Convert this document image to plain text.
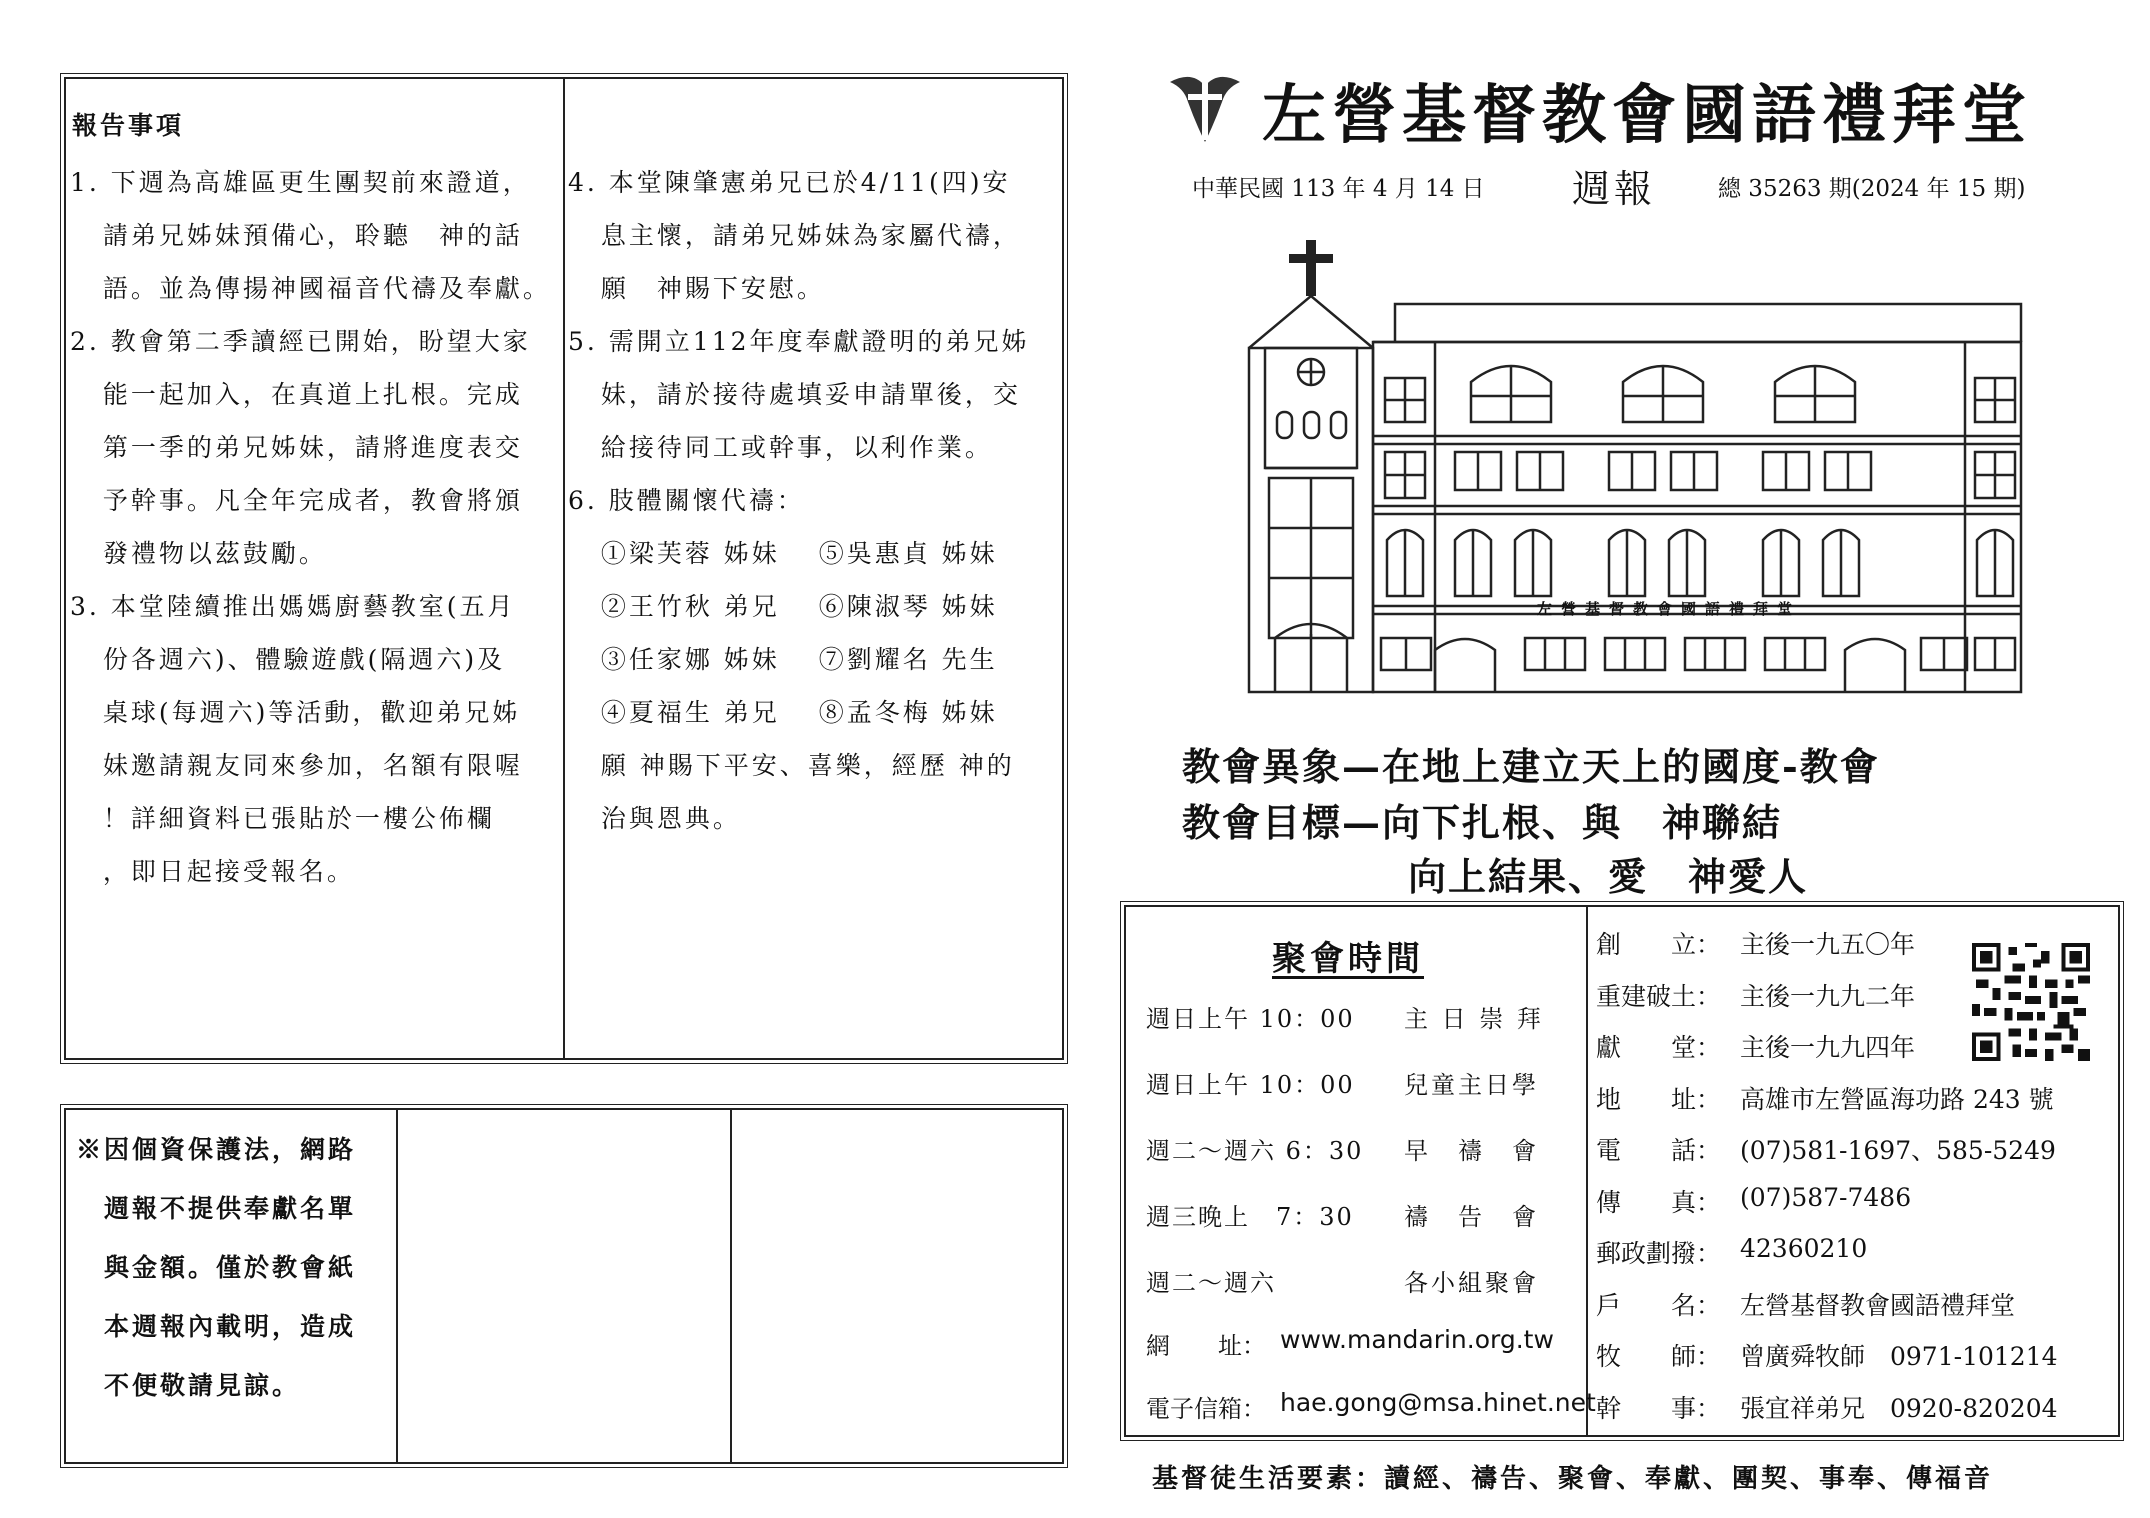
報告事項
1. 下週為高雄區更生團契前來證道，
請弟兄姊妹預備心，聆聽　神的話
語。並為傳揚神國福音代禱及奉獻。
2. 教會第二季讀經已開始，盼望大家
能一起加入，在真道上扎根。完成
第一季的弟兄姊妹，請將進度表交
予幹事。凡全年完成者，教會將頒
發禮物以茲鼓勵。
3. 本堂陸續推出媽媽廚藝教室(五月
份各週六)、體驗遊戲(隔週六)及
桌球(每週六)等活動，歡迎弟兄姊
妹邀請親友同來參加，名額有限喔
！詳細資料已張貼於一樓公佈欄
，即日起接受報名。
4. 本堂陳肇憲弟兄已於4/11(四)安
息主懷，請弟兄姊妹為家屬代禱，
願　神賜下安慰。
5. 需開立112年度奉獻證明的弟兄姊
妹，請於接待處填妥申請單後，交
給接待同工或幹事，以利作業。
6. 肢體關懷代禱：
①梁芙蓉 姊妹　 ⑤吳惠貞 姊妹
②王竹秋 弟兄　 ⑥陳淑琴 姊妹
③任家娜 姊妹　 ⑦劉耀名 先生
④夏福生 弟兄　 ⑧孟冬梅 姊妹
願 神賜下平安、喜樂，經歷 神的
治與恩典。
※因個資保護法，網路
週報不提供奉獻名單
與金額。僅於教會紙
本週報內載明，造成
不便敬請見諒。
左營基督教會國語禮拜堂
中華民國 113 年 4 月 14 日 週報	總 35263 期(2024 年 15 期)
左營基督教會國語禮拜堂
教會異象—在地上建立天上的國度-教會
教會目標—向下扎根、與　神聯結
向上結果、愛　神愛人
聚會時間
週日上午 10：00 主 日 崇 拜
週日上午 10：00 兒童主日學
週二～週六 6：30 早　禱　會
週三晚上　7：30 禱　告　會
週二～週六	各小組聚會
網　　址： www.mandarin.org.tw
電子信箱： hae.gong@msa.hinet.net
創　　立： 主後一九五〇年
重建破土： 主後一九九二年
獻　　堂： 主後一九九四年
地　　址： 高雄市左營區海功路 243 號
電　　話： (07)581-1697、585-5249
傳　　真： (07)587-7486
郵政劃撥： 42360210
戶　　名： 左營基督教會國語禮拜堂
牧　　師： 曾廣舜牧師　0971-101214
幹　　事： 張宜祥弟兄　0920-820204
基督徒生活要素：讀經、禱告、聚會、奉獻、團契、事奉、傳福音
